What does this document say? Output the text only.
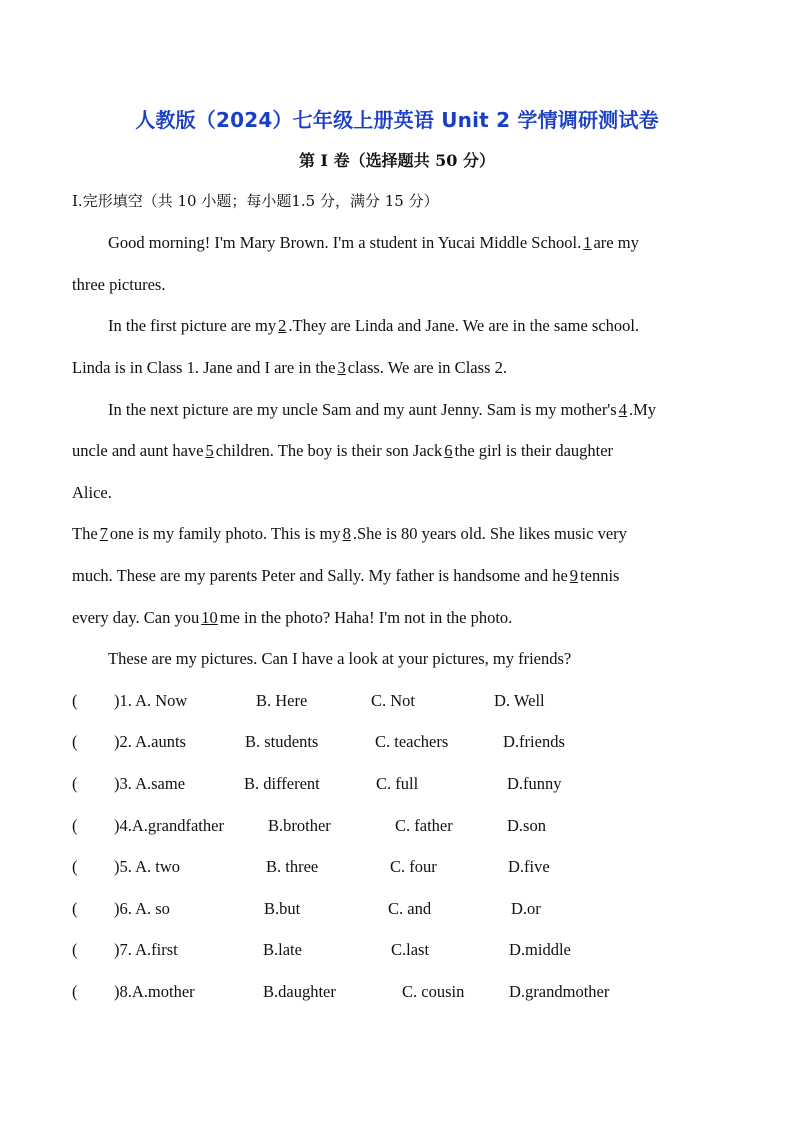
人教版（2024）七年级上册英语 Unit 2 学情调研测试卷
第 I 卷（选择题共 50 分）
I.完形填空（共 10 小题；每小题1.5 分，满分 15 分）
Good morning! I'm Mary Brown. I'm a student in Yucai Middle School. 1 are my
three pictures.
In the first picture are my 2 .They are Linda and Jane. We are in the same school.
Linda is in Class 1. Jane and I are in the 3 class. We are in Class 2.
In the next picture are my uncle Sam and my aunt Jenny. Sam is my mother's 4 .My
uncle and aunt have 5 children. The boy is their son Jack 6 the girl is their daughter
Alice.
The 7 one is my family photo. This is my 8 .She is 80 years old. She likes music very
much. These are my parents Peter and Sally. My father is handsome and he 9 tennis
every day. Can you 10 me in the photo? Haha! I'm not in the photo.
These are my pictures. Can I have a look at your pictures, my friends?
( )1. A. Now	B. Here	C. Not	D. Well
( )2. A.aunts	B. students	C. teachers	D.friends
( )3. A.same	B. different	C. full	D.funny
( )4.A.grandfather	B.brother	C. father	D.son
( )5. A. two	B. three	C. four	D.five
( )6. A. so	B.but	C. and	D.or
( )7. A.first	B.late	C.last	D.middle
( )8.A.mother	B.daughter	C. cousin	D.grandmother
